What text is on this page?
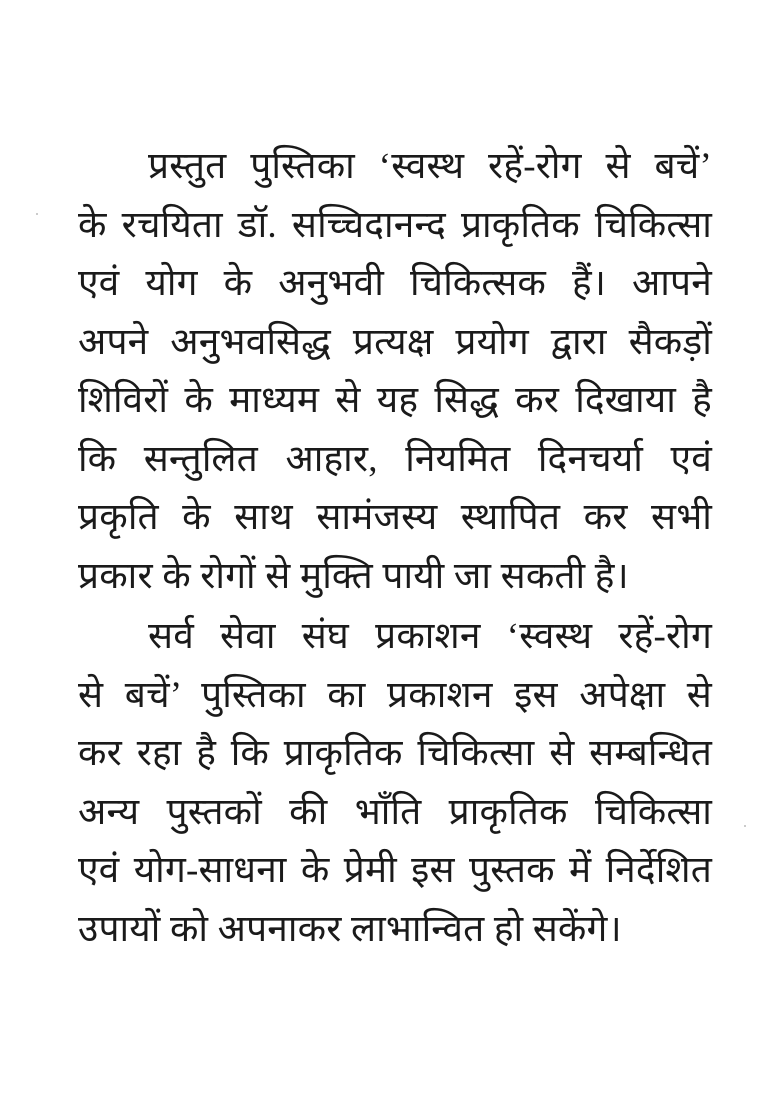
प्रस्तुत पुस्तिका ‘स्वस्थ रहें-रोग से बचें’
के रचयिता डॉ. सच्चिदानन्द प्राकृतिक चिकित्सा
एवं योग के अनुभवी चिकित्सक हैं। आपने
अपने अनुभवसिद्ध प्रत्यक्ष प्रयोग द्वारा सैकड़ों
शिविरों के माध्यम से यह सिद्ध कर दिखाया है
कि सन्तुलित आहार, नियमित दिनचर्या एवं
प्रकृति के साथ सामंजस्य स्थापित कर सभी
प्रकार के रोगों से मुक्ति पायी जा सकती है।
सर्व सेवा संघ प्रकाशन ‘स्वस्थ रहें-रोग
से बचें’ पुस्तिका का प्रकाशन इस अपेक्षा से
कर रहा है कि प्राकृतिक चिकित्सा से सम्बन्धित
अन्य पुस्तकों की भाँति प्राकृतिक चिकित्सा
एवं योग-साधना के प्रेमी इस पुस्तक में निर्देशित
उपायों को अपनाकर लाभान्वित हो सकेंगे।
